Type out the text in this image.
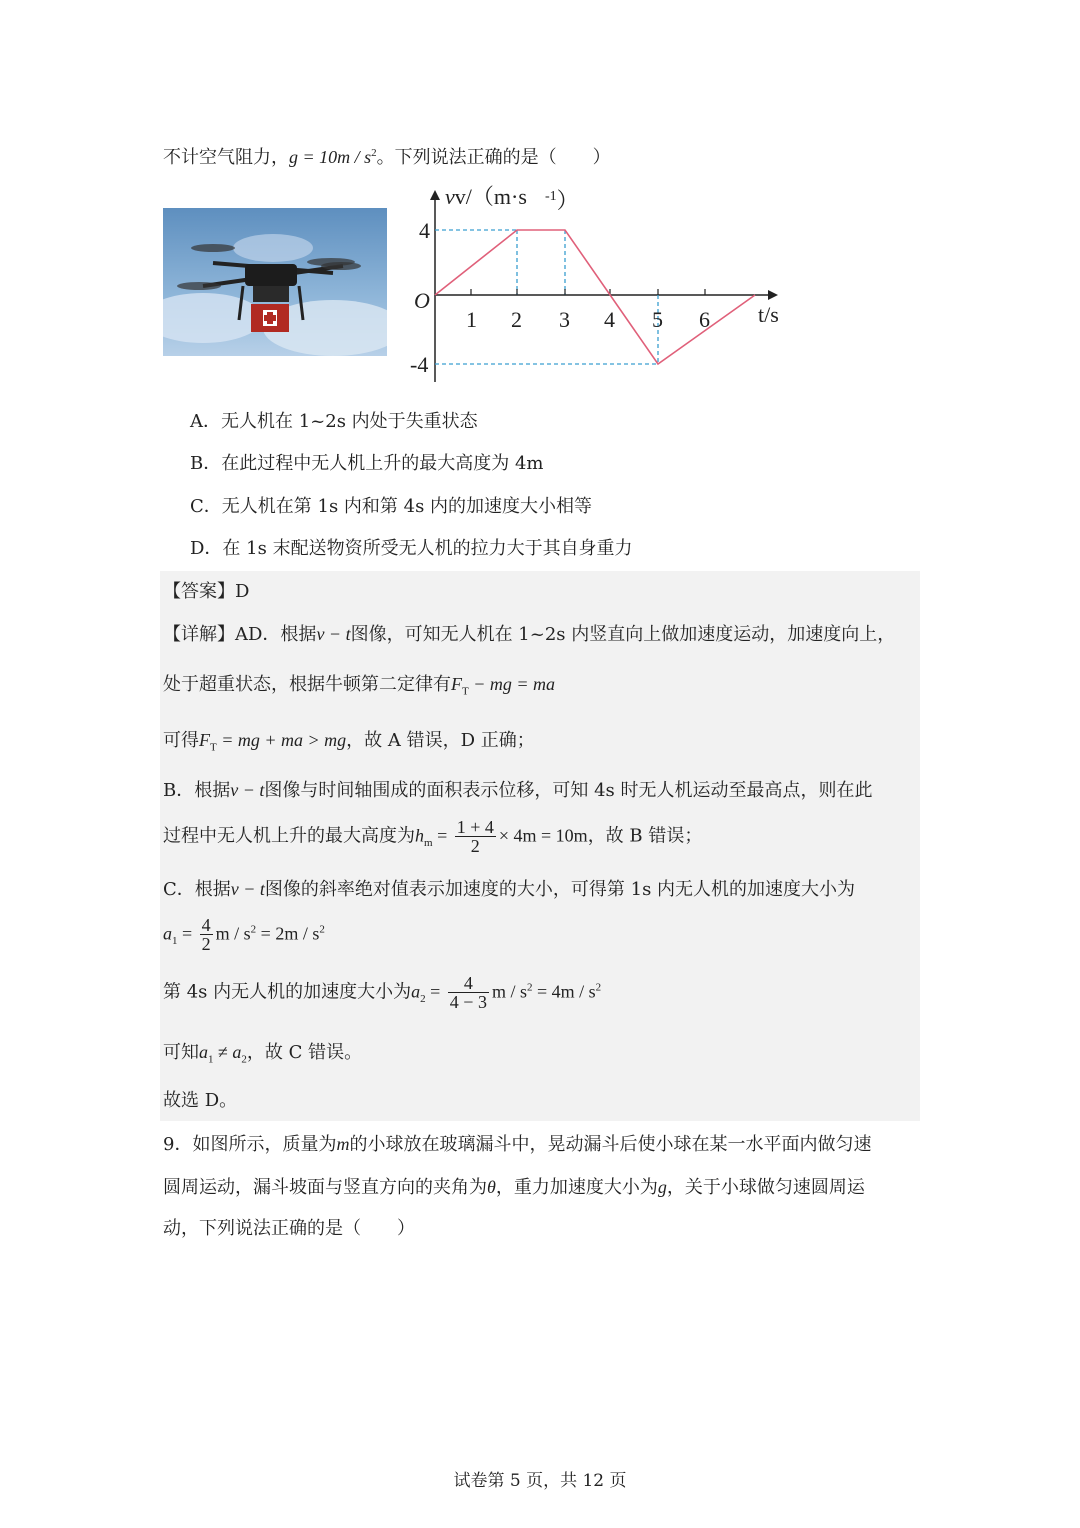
不计空气阻力，$g = 10m / s^2$。下列说法正确的是（　　）
vv/（m·s $^{-1}$）
4
-4
O
t/s
1 2 3 4 5 6
A．无人机在 1~2s 内处于失重状态
B．在此过程中无人机上升的最大高度为 4m
C．无人机在第 1s 内和第 4s 内的加速度大小相等
D．在 1s 末配送物资所受无人机的拉力大于其自身重力
【答案】D
【详解】AD．根据v − t图像，可知无人机在 1~2s 内竖直向上做加速度运动，加速度向上，
处于超重状态，根据牛顿第二定律有$F_T$ − mg = ma
可得$F_T$ = mg + ma > mg，故 A 错误，D 正确；
B．根据v − t图像与时间轴围成的面积表示位移，可知 4s 时无人机运动至最高点，则在此
过程中无人机上升的最大高度为$h_m = \frac{1 + 4}{2} \times 4m = 10m$，故 B 错误；
C．根据v − t图像的斜率绝对值表示加速度的大小，可得第 1s 内无人机的加速度大小为
$a_1 = \frac{4}{2}$ $m / s^2 = 2m / s^2$
第 4s 内无人机的加速度大小为$a_2 = \frac{4}{4 - 3}$ $m / s^2 = 4m / s^2$
可知$a_1 \ne a_2$，故 C 错误。
故选 D。
9．如图所示，质量为m的小球放在玻璃漏斗中，晃动漏斗后使小球在某一水平面内做匀速
圆周运动，漏斗坡面与竖直方向的夹角为θ，重力加速度大小为g，关于小球做匀速圆周运
动，下列说法正确的是（　　）
试卷第 5 页，共 12 页
